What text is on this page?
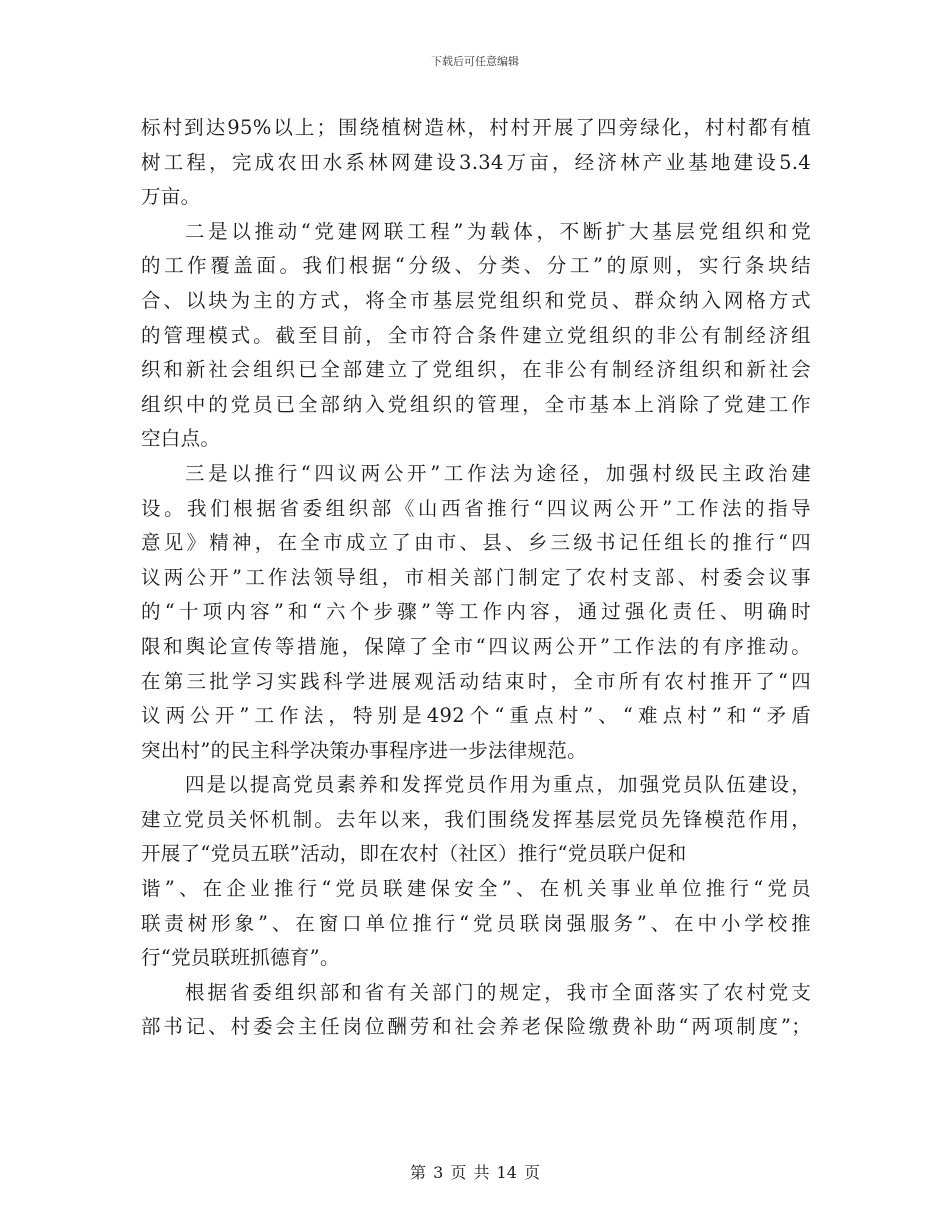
下载后可任意编辑
标村到达95%以上；围绕植树造林，村村开展了四旁绿化，村村都有植
树工程，完成农田水系林网建设3.34万亩，经济林产业基地建设5.4
万亩。
二是以推动“党建网联工程”为载体，不断扩大基层党组织和党
的工作覆盖面。我们根据“分级、分类、分工”的原则，实行条块结
合、以块为主的方式，将全市基层党组织和党员、群众纳入网格方式
的管理模式。截至目前，全市符合条件建立党组织的非公有制经济组
织和新社会组织已全部建立了党组织，在非公有制经济组织和新社会
组织中的党员已全部纳入党组织的管理，全市基本上消除了党建工作
空白点。
三是以推行“四议两公开”工作法为途径，加强村级民主政治建
设。我们根据省委组织部《山西省推行“四议两公开”工作法的指导
意见》精神，在全市成立了由市、县、乡三级书记任组长的推行“四
议两公开”工作法领导组，市相关部门制定了农村支部、村委会议事
的“十项内容”和“六个步骤”等工作内容，通过强化责任、明确时
限和舆论宣传等措施，保障了全市“四议两公开”工作法的有序推动。
在第三批学习实践科学进展观活动结束时，全市所有农村推开了“四
议两公开”工作法，特别是492个“重点村”、“难点村”和“矛盾
突出村”的民主科学决策办事程序进一步法律规范。
四是以提高党员素养和发挥党员作用为重点，加强党员队伍建设，
建立党员关怀机制。去年以来，我们围绕发挥基层党员先锋模范作用，
开展了“党员五联”活动，即在农村（社区）推行“党员联户促和
谐”、在企业推行“党员联建保安全”、在机关事业单位推行“党员
联责树形象”、在窗口单位推行“党员联岗强服务”、在中小学校推
行“党员联班抓德育”。
根据省委组织部和省有关部门的规定，我市全面落实了农村党支
部书记、村委会主任岗位酬劳和社会养老保险缴费补助“两项制度”；
第 3 页 共 14 页
